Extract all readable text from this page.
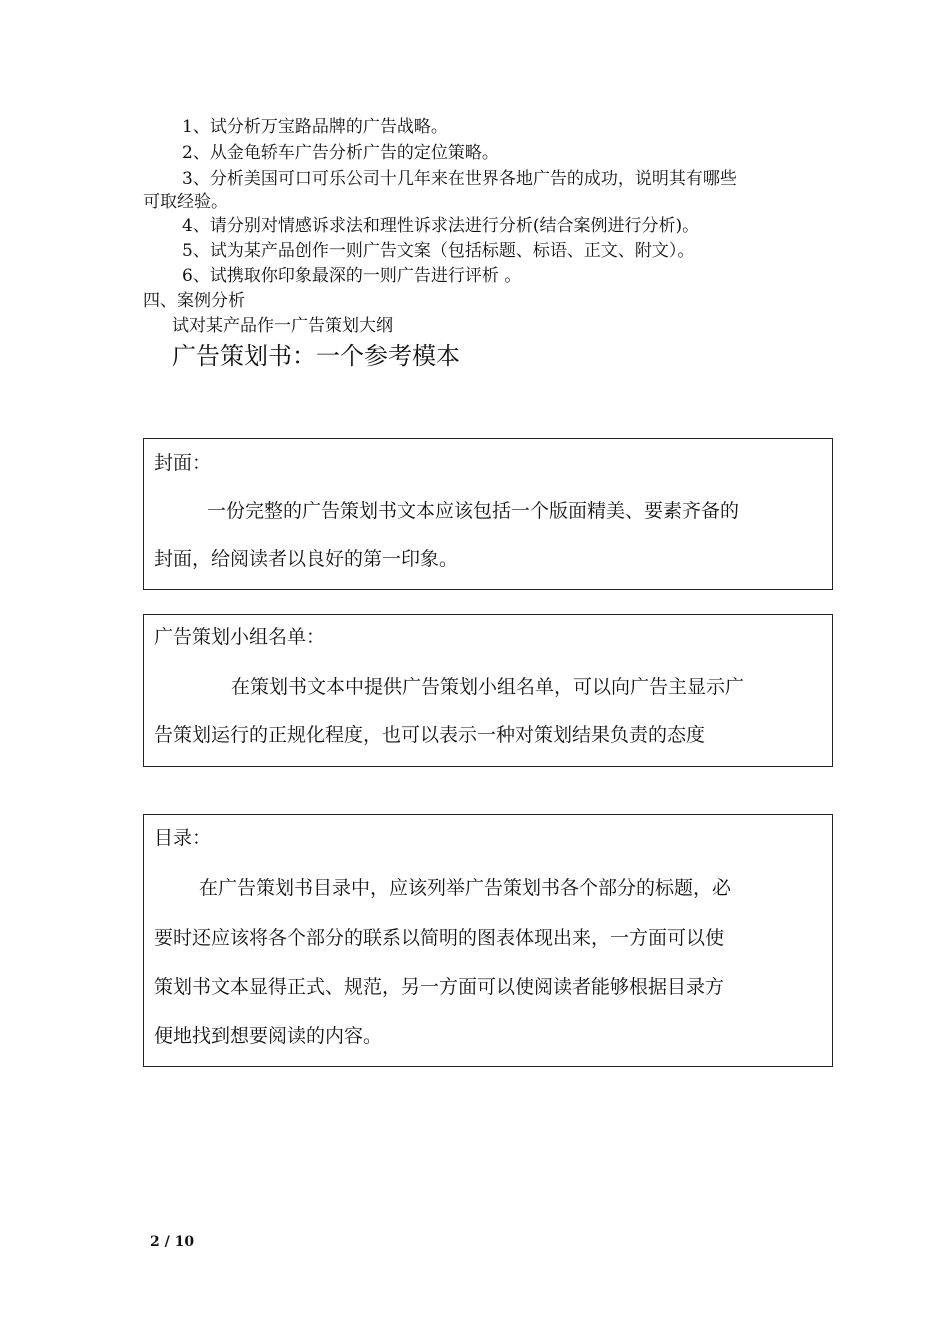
1、试分析万宝路品牌的广告战略。
2、从金龟轿车广告分析广告的定位策略。
3、分析美国可口可乐公司十几年来在世界各地广告的成功，说明其有哪些
可取经验。
4、请分别对情感诉求法和理性诉求法进行分析(结合案例进行分析)。
5、试为某产品创作一则广告文案（包括标题、标语、正文、附文）。
6、试携取你印象最深的一则广告进行评析 。
四、案例分析
试对某产品作一广告策划大纲
广告策划书：一个参考模本
封面：
一份完整的广告策划书文本应该包括一个版面精美、要素齐备的
封面，给阅读者以良好的第一印象。
广告策划小组名单：
在策划书文本中提供广告策划小组名单，可以向广告主显示广
告策划运行的正规化程度，也可以表示一种对策划结果负责的态度
目录：
在广告策划书目录中，应该列举广告策划书各个部分的标题，必
要时还应该将各个部分的联系以简明的图表体现出来，一方面可以使
策划书文本显得正式、规范，另一方面可以使阅读者能够根据目录方
便地找到想要阅读的内容。
2 / 10
